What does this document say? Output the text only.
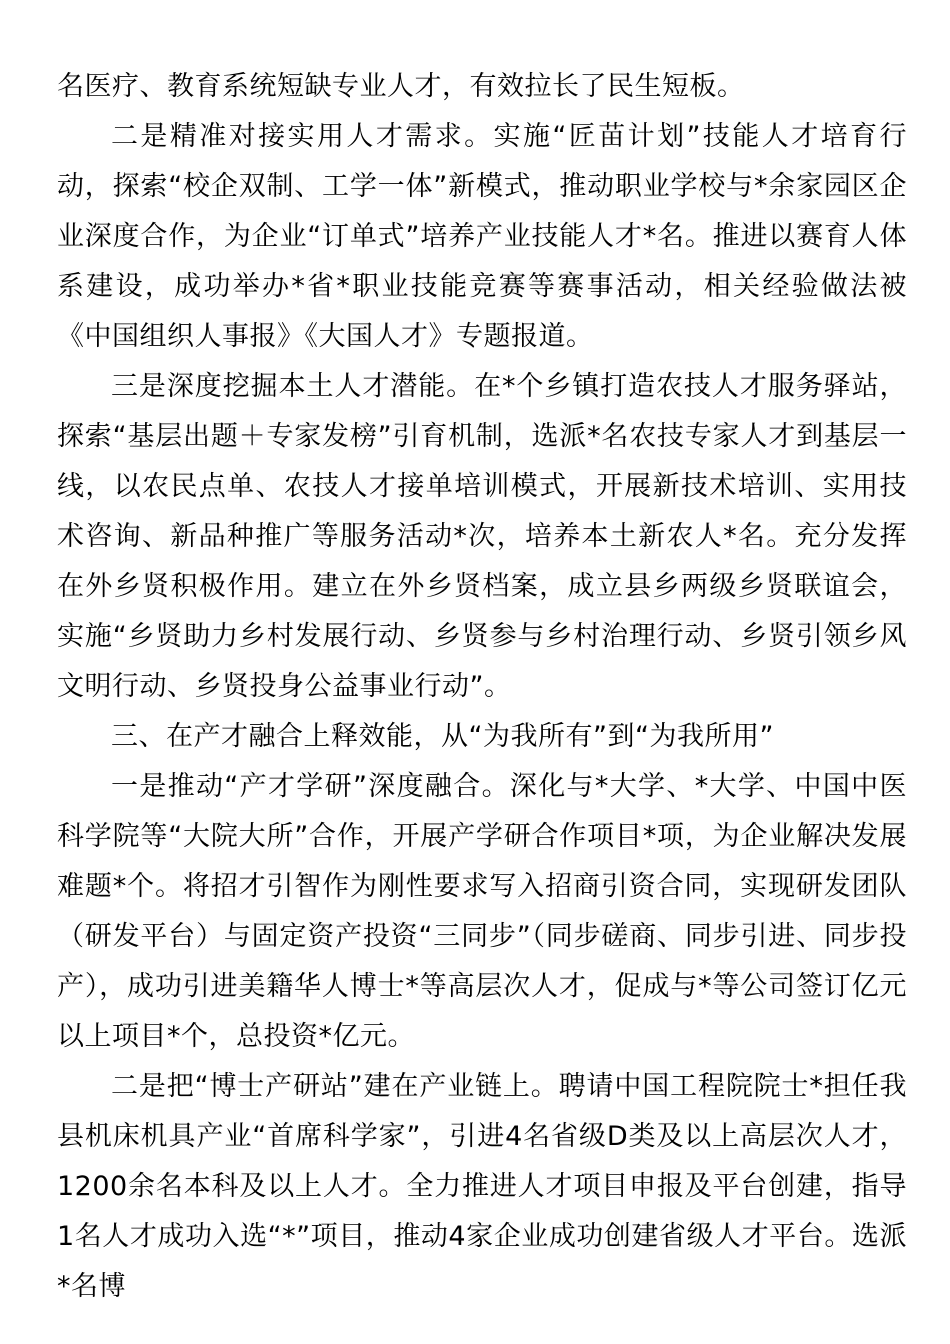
名医疗、教育系统短缺专业人才，有效拉长了民生短板。

二是精准对接实用人才需求。实施“匠苗计划”技能人才培育行动，探索“校企双制、工学一体”新模式，推动职业学校与*余家园区企业深度合作，为企业“订单式”培养产业技能人才*名。推进以赛育人体系建设，成功举办*省*职业技能竞赛等赛事活动，相关经验做法被《中国组织人事报》《大国人才》专题报道。

三是深度挖掘本土人才潜能。在*个乡镇打造农技人才服务驿站，探索“基层出题＋专家发榜”引育机制，选派*名农技专家人才到基层一线，以农民点单、农技人才接单培训模式，开展新技术培训、实用技术咨询、新品种推广等服务活动*次，培养本土新农人*名。充分发挥在外乡贤积极作用。建立在外乡贤档案，成立县乡两级乡贤联谊会，实施“乡贤助力乡村发展行动、乡贤参与乡村治理行动、乡贤引领乡风文明行动、乡贤投身公益事业行动”。

三、在产才融合上释效能，从“为我所有”到“为我所用”

一是推动“产才学研”深度融合。深化与*大学、*大学、中国中医科学院等“大院大所”合作，开展产学研合作项目*项，为企业解决发展难题*个。将招才引智作为刚性要求写入招商引资合同，实现研发团队（研发平台）与固定资产投资“三同步”（同步磋商、同步引进、同步投产），成功引进美籍华人博士*等高层次人才，促成与*等公司签订亿元以上项目*个，总投资*亿元。

二是把“博士产研站”建在产业链上。聘请中国工程院院士*担任我县机床机具产业“首席科学家”，引进4名省级D类及以上高层次人才，1200余名本科及以上人才。全力推进人才项目申报及平台创建，指导1名人才成功入选“*”项目，推动4家企业成功创建省级人才平台。选派*名博
